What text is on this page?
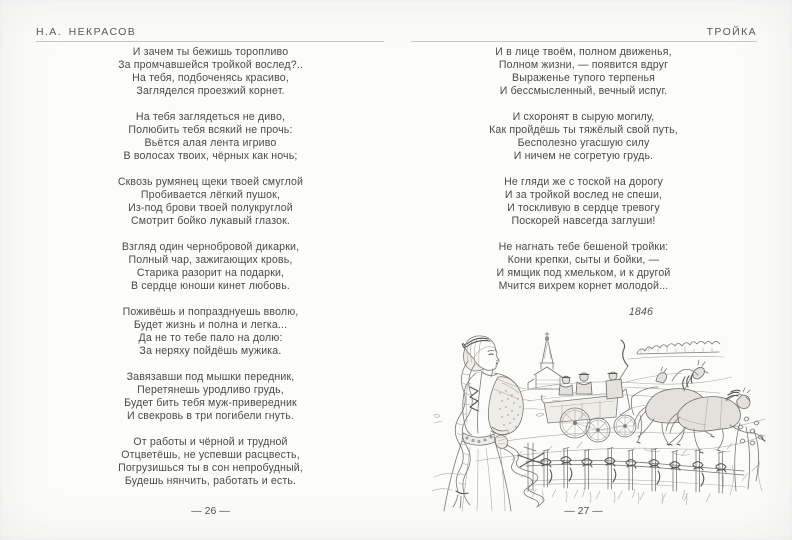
Н.А. НЕКРАСОВ	ТРОЙКА
И зачем ты бежишь торопливо
За промчавшейся тройкой вослед?..
На тебя, подбоченясь красиво,
Загляделся проезжий корнет.
На тебя заглядеться не диво,
Полюбить тебя всякий не прочь:
Вьётся алая лента игриво
В волосах твоих, чёрных как ночь;
Сквозь румянец щеки твоей смуглой
Пробивается лёгкий пушок,
Из-под брови твоей полукруглой
Смотрит бойко лукавый глазок.
Взгляд один чернобровой дикарки,
Полный чар, зажигающих кровь,
Старика разорит на подарки,
В сердце юноши кинет любовь.
Поживёшь и попразднуешь вволю,
Будет жизнь и полна и легка...
Да не то тебе пало на долю:
За неряху пойдёшь мужика.
Завязавши под мышки передник,
Перетянешь уродливо грудь,
Будет бить тебя муж-привередник
И свекровь в три погибели гнуть.
От работы и чёрной и трудной
Отцветёшь, не успевши расцвесть,
Погрузишься ты в сон непробудный,
Будешь нянчить, работать и есть.
И в лице твоём, полном движенья,
Полном жизни, — появится вдруг
Выраженье тупого терпенья
И бессмысленный, вечный испуг.
И схоронят в сырую могилу,
Как пройдёшь ты тяжёлый свой путь,
Бесполезно угасшую силу
И ничем не согретую грудь.
Не гляди же с тоской на дорогу
И за тройкой вослед не спеши,
И тоскливую в сердце тревогу
Поскорей навсегда заглуши!
Не нагнать тебе бешеной тройки:
Кони крепки, сыты и бойки, —
И ямщик под хмельком, и к другой
Мчится вихрем корнет молодой...
1846
— 26 —	— 27 —
